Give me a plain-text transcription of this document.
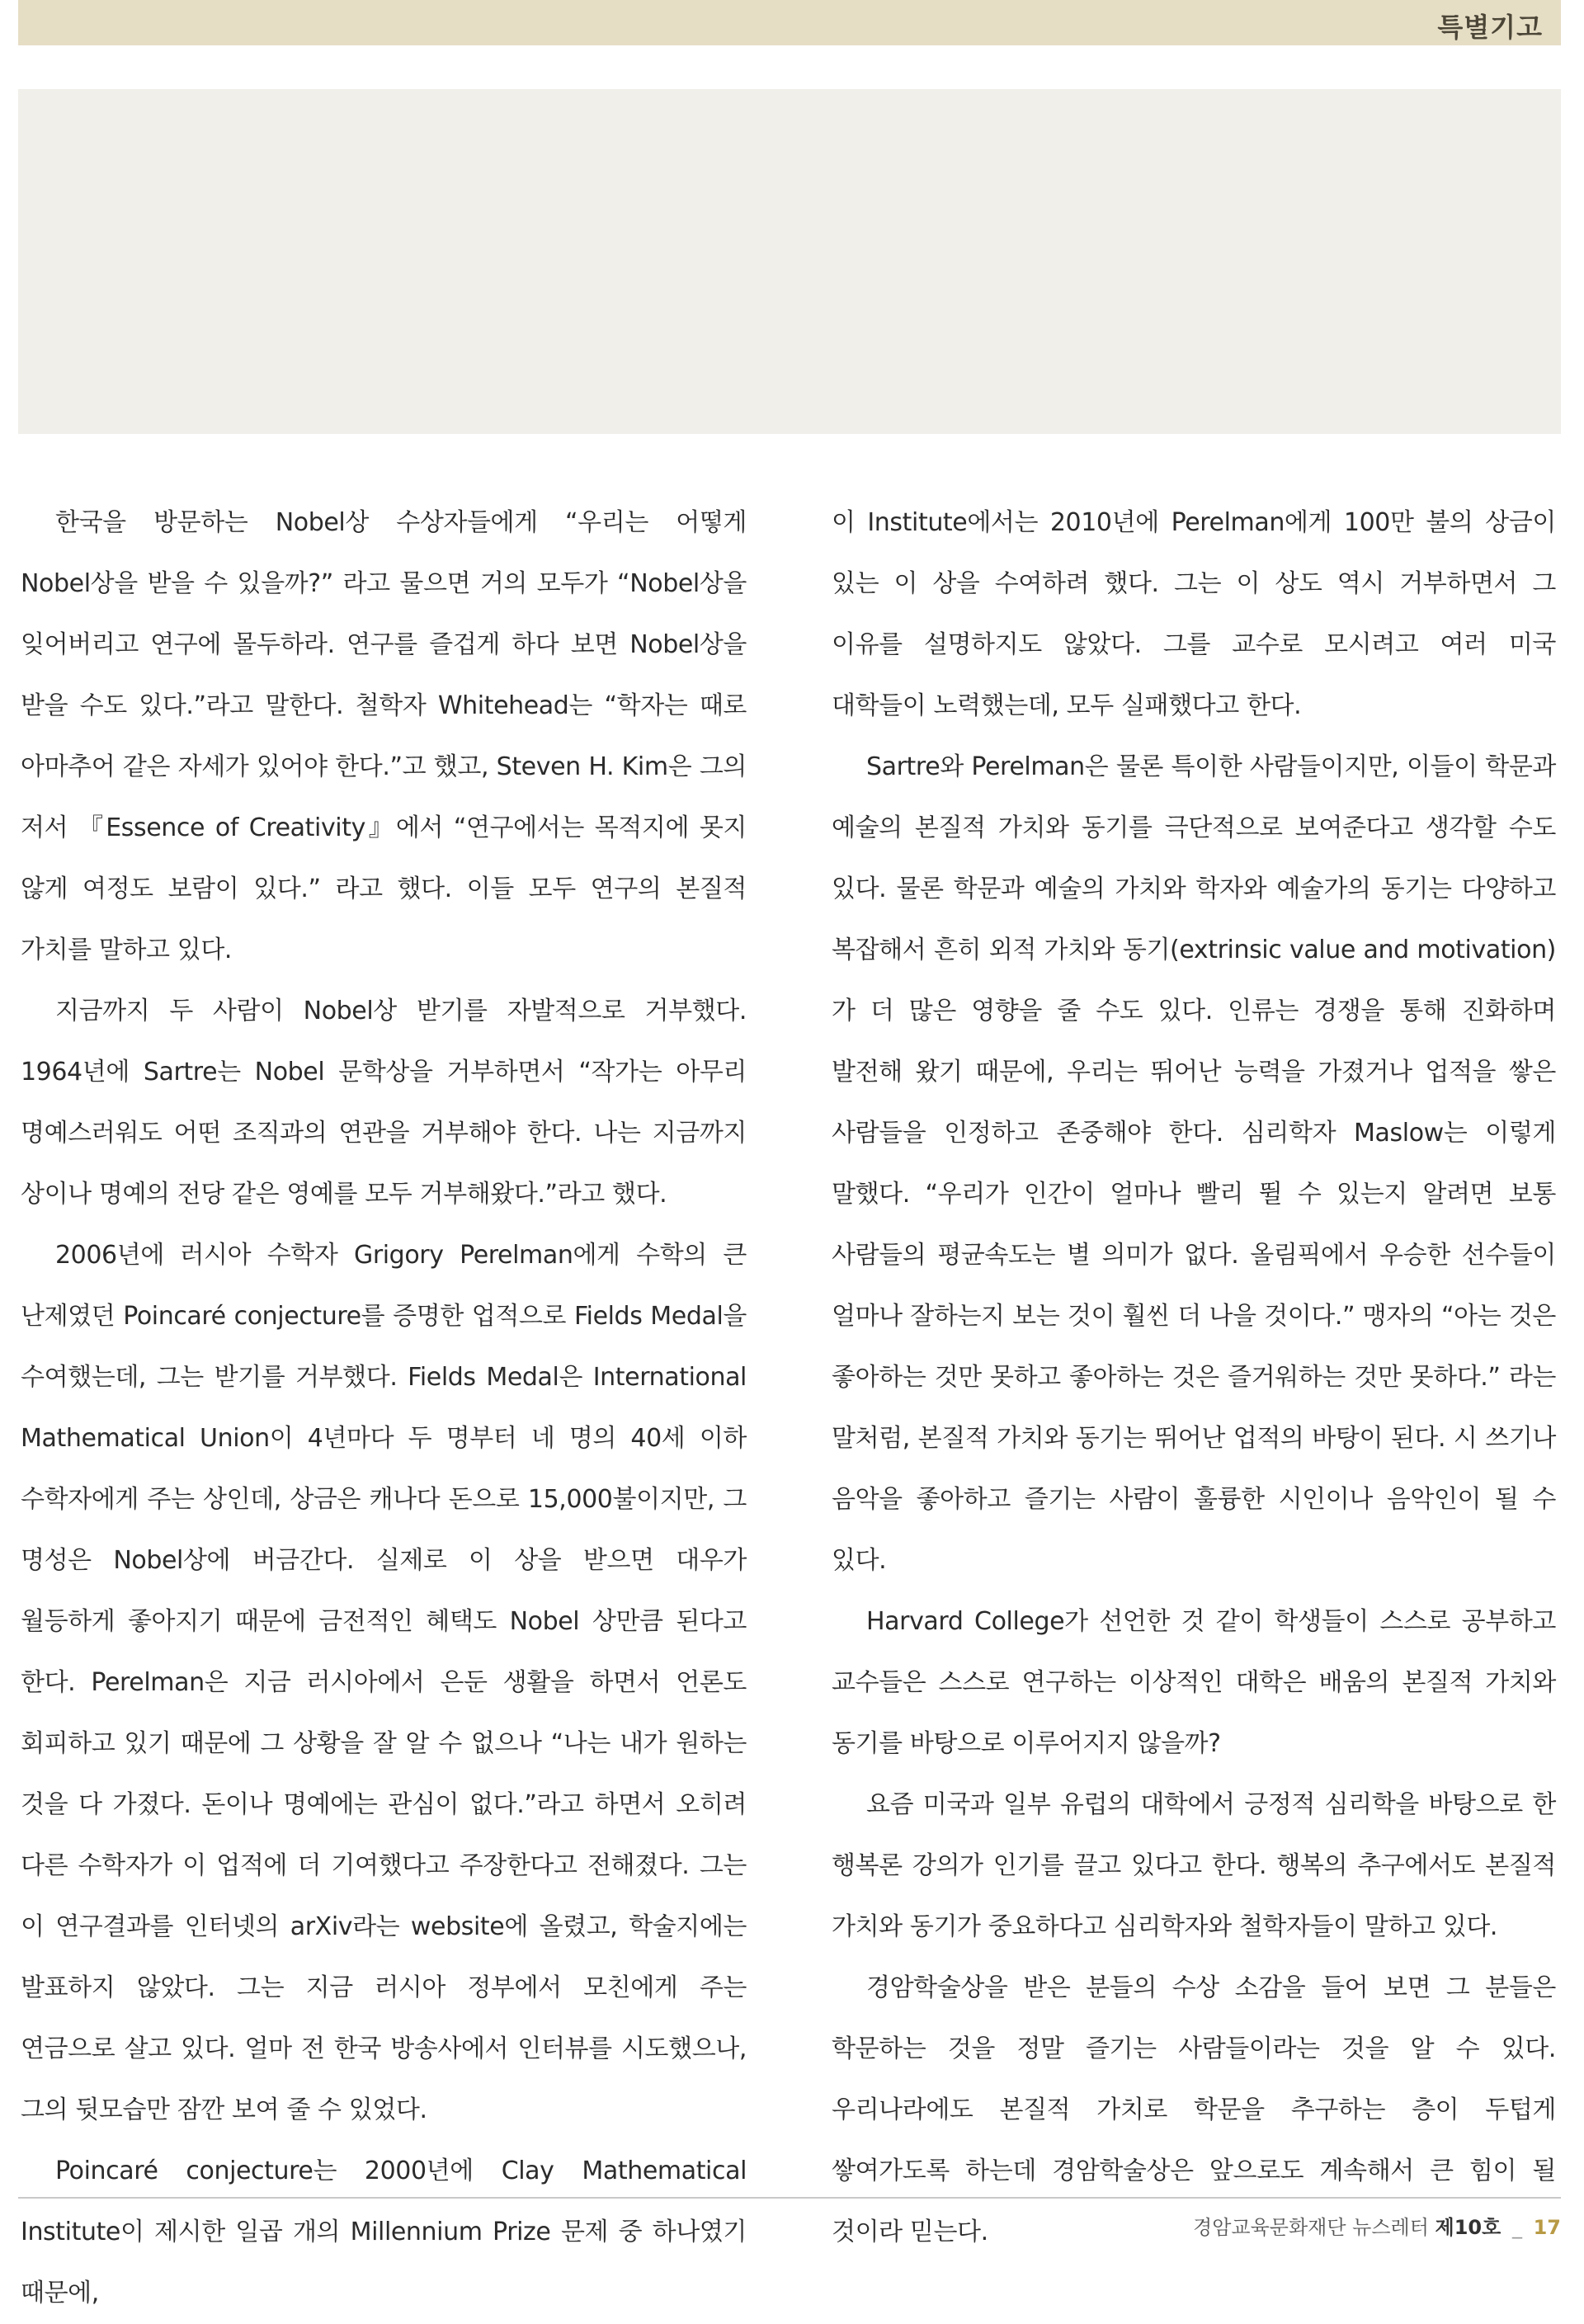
특별기고

한국을 방문하는 Nobel상 수상자들에게 “우리는 어떻게 Nobel상을 받을 수 있을까?” 라고 물으면 거의 모두가 “Nobel상을 잊어버리고 연구에 몰두하라. 연구를 즐겁게 하다 보면 Nobel상을 받을 수도 있다.”라고 말한다. 철학자 Whitehead는 “학자는 때로 아마추어 같은 자세가 있어야 한다.”고 했고, Steven H. Kim은 그의 저서 『Essence of Creativity』에서 “연구에서는 목적지에 못지 않게 여정도 보람이 있다.” 라고 했다. 이들 모두 연구의 본질적 가치를 말하고 있다.

지금까지 두 사람이 Nobel상 받기를 자발적으로 거부했다. 1964년에 Sartre는 Nobel 문학상을 거부하면서 “작가는 아무리 명예스러워도 어떤 조직과의 연관을 거부해야 한다. 나는 지금까지 상이나 명예의 전당 같은 영예를 모두 거부해왔다.”라고 했다.

2006년에 러시아 수학자 Grigory Perelman에게 수학의 큰 난제였던 Poincaré conjecture를 증명한 업적으로 Fields Medal을 수여했는데, 그는 받기를 거부했다. Fields Medal은 International Mathematical Union이 4년마다 두 명부터 네 명의 40세 이하 수학자에게 주는 상인데, 상금은 캐나다 돈으로 15,000불이지만, 그 명성은 Nobel상에 버금간다. 실제로 이 상을 받으면 대우가 월등하게 좋아지기 때문에 금전적인 혜택도 Nobel 상만큼 된다고 한다. Perelman은 지금 러시아에서 은둔 생활을 하면서 언론도 회피하고 있기 때문에 그 상황을 잘 알 수 없으나 “나는 내가 원하는 것을 다 가졌다. 돈이나 명예에는 관심이 없다.”라고 하면서 오히려 다른 수학자가 이 업적에 더 기여했다고 주장한다고 전해졌다. 그는 이 연구결과를 인터넷의 arXiv라는 website에 올렸고, 학술지에는 발표하지 않았다. 그는 지금 러시아 정부에서 모친에게 주는 연금으로 살고 있다. 얼마 전 한국 방송사에서 인터뷰를 시도했으나, 그의 뒷모습만 잠깐 보여 줄 수 있었다.

Poincaré conjecture는 2000년에 Clay Mathematical Institute이 제시한 일곱 개의 Millennium Prize 문제 중 하나였기 때문에,

이 Institute에서는 2010년에 Perelman에게 100만 불의 상금이 있는 이 상을 수여하려 했다. 그는 이 상도 역시 거부하면서 그 이유를 설명하지도 않았다. 그를 교수로 모시려고 여러 미국 대학들이 노력했는데, 모두 실패했다고 한다.

Sartre와 Perelman은 물론 특이한 사람들이지만, 이들이 학문과 예술의 본질적 가치와 동기를 극단적으로 보여준다고 생각할 수도 있다. 물론 학문과 예술의 가치와 학자와 예술가의 동기는 다양하고 복잡해서 흔히 외적 가치와 동기(extrinsic value and motivation)가 더 많은 영향을 줄 수도 있다. 인류는 경쟁을 통해 진화하며 발전해 왔기 때문에, 우리는 뛰어난 능력을 가졌거나 업적을 쌓은 사람들을 인정하고 존중해야 한다. 심리학자 Maslow는 이렇게 말했다. “우리가 인간이 얼마나 빨리 뛸 수 있는지 알려면 보통 사람들의 평균속도는 별 의미가 없다. 올림픽에서 우승한 선수들이 얼마나 잘하는지 보는 것이 훨씬 더 나을 것이다.” 맹자의 “아는 것은 좋아하는 것만 못하고 좋아하는 것은 즐거워하는 것만 못하다.” 라는 말처럼, 본질적 가치와 동기는 뛰어난 업적의 바탕이 된다. 시 쓰기나 음악을 좋아하고 즐기는 사람이 훌륭한 시인이나 음악인이 될 수 있다.

Harvard College가 선언한 것 같이 학생들이 스스로 공부하고 교수들은 스스로 연구하는 이상적인 대학은 배움의 본질적 가치와 동기를 바탕으로 이루어지지 않을까?

요즘 미국과 일부 유럽의 대학에서 긍정적 심리학을 바탕으로 한 행복론 강의가 인기를 끌고 있다고 한다. 행복의 추구에서도 본질적 가치와 동기가 중요하다고 심리학자와 철학자들이 말하고 있다.

경암학술상을 받은 분들의 수상 소감을 들어 보면 그 분들은 학문하는 것을 정말 즐기는 사람들이라는 것을 알 수 있다. 우리나라에도 본질적 가치로 학문을 추구하는 층이 두텁게 쌓여가도록 하는데 경암학술상은 앞으로도 계속해서 큰 힘이 될 것이라 믿는다.	경암교육문화재단 뉴스레터 제10호 _ 17
